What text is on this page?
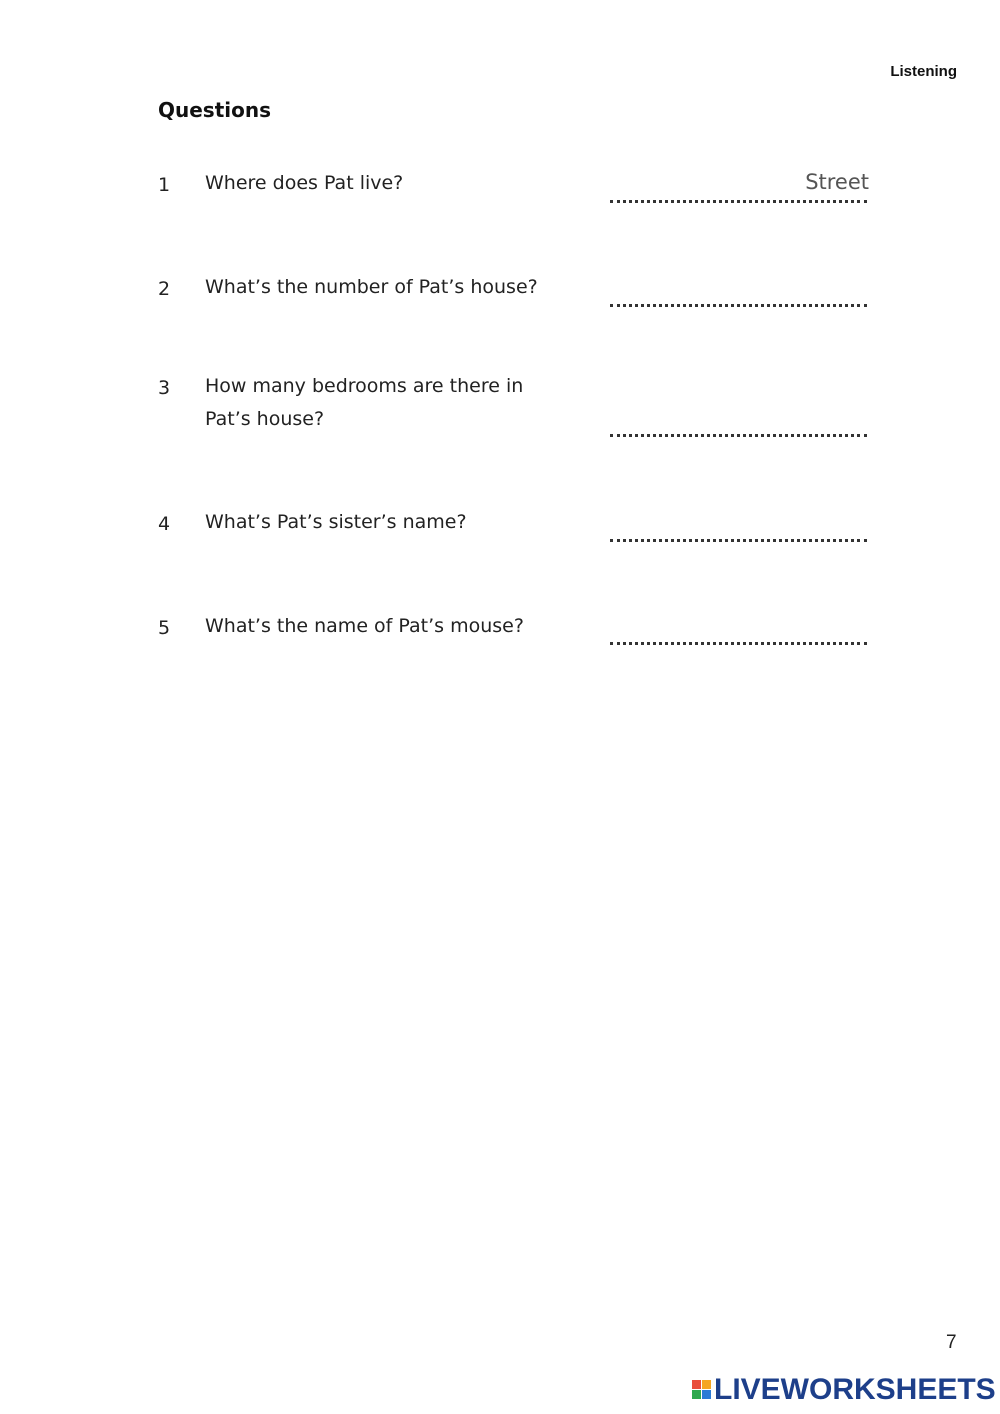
Listening
Questions
1 Where does Pat live?	Street
2 What’s the number of Pat’s house?
3 How many bedrooms are there in Pat’s house?
4 What’s Pat’s sister’s name?
5 What’s the name of Pat’s mouse?
7
LIVEWORKSHEETS
